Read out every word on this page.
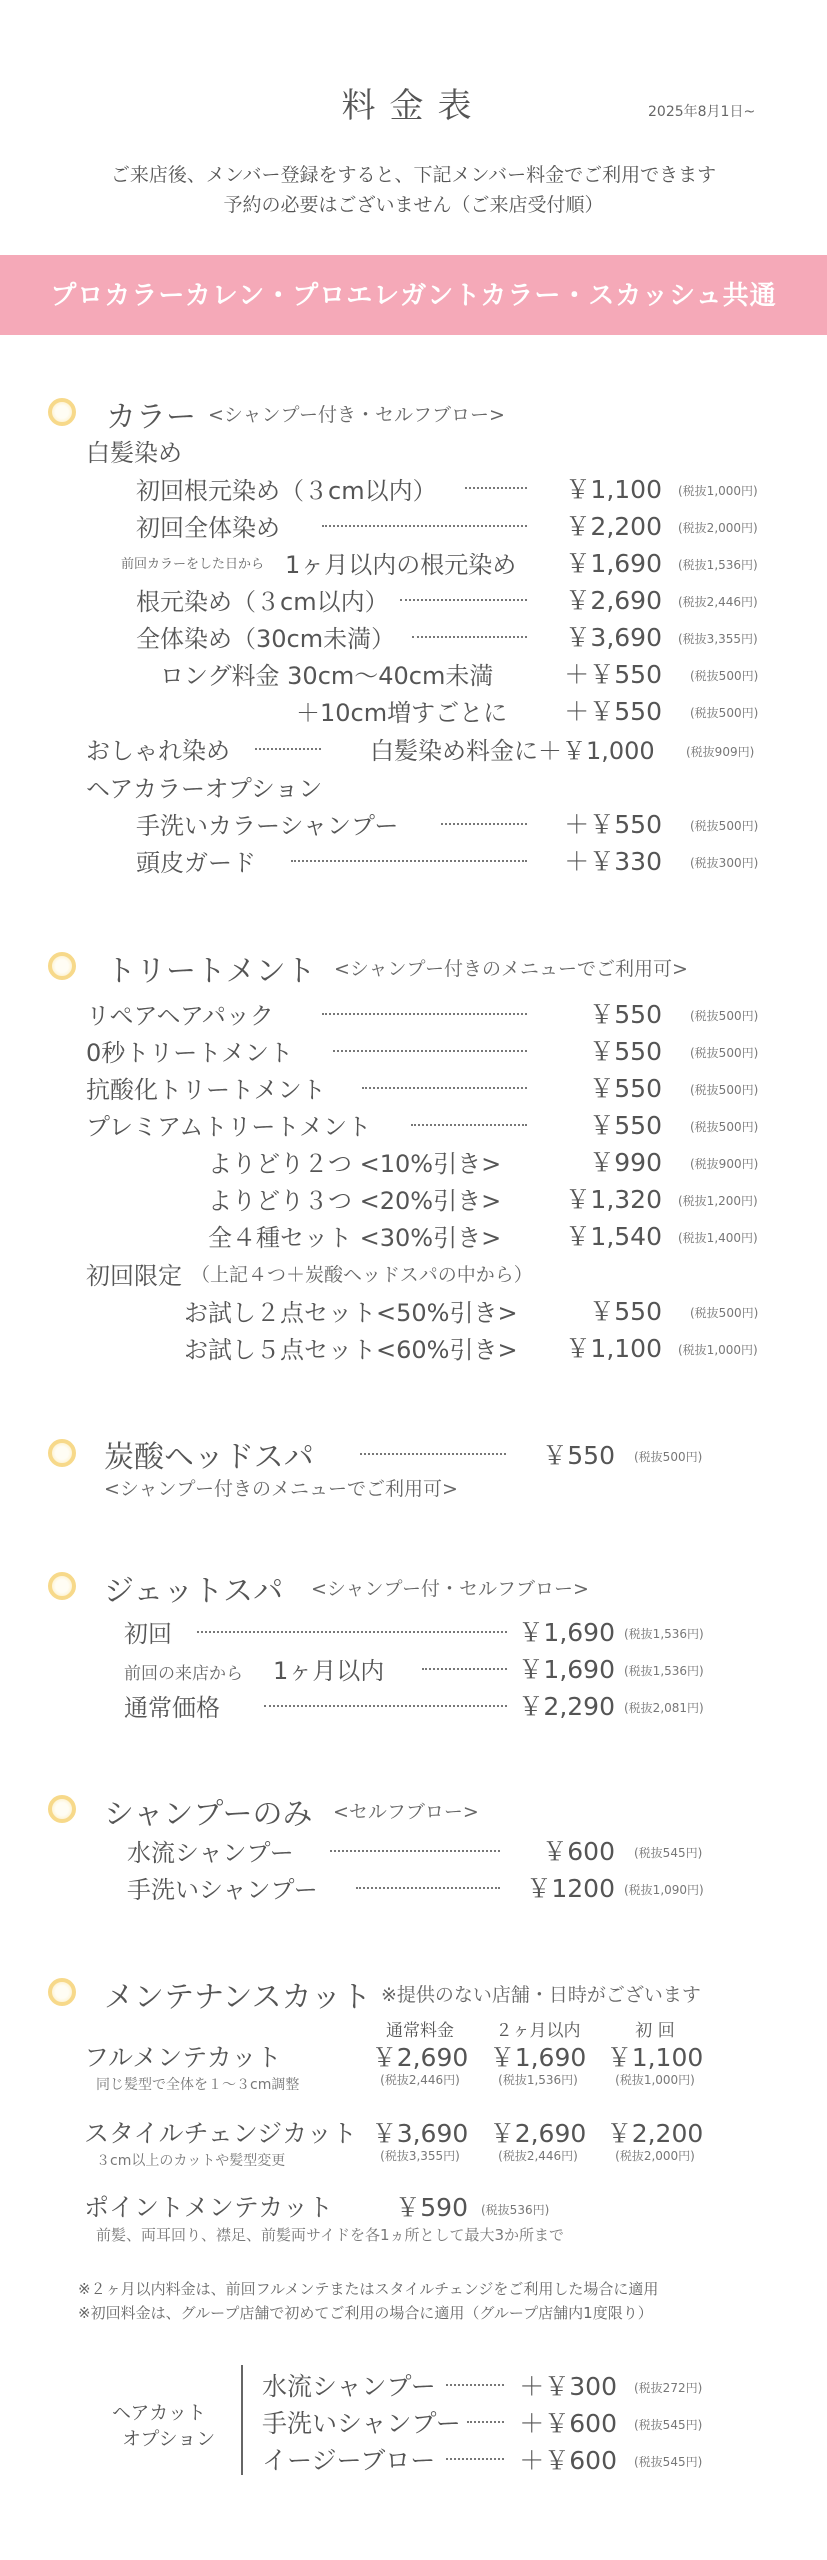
料金表	2025年8月1日~
ご来店後、メンバー登録をすると、下記メンバー料金でご利用できます
予約の必要はございません（ご来店受付順）
プロカラーカレン・プロエレガントカラー・スカッシュ共通
カラー <シャンプー付き・セルフブロー>
白髪染め
初回根元染め（３cm以内）	￥1,100 (税抜1,000円)
初回全体染め	￥2,200 (税抜2,000円)
前回カラーをした日から 1ヶ月以内の根元染め	￥1,690 (税抜1,536円)
根元染め（３cm以内）	￥2,690 (税抜2,446円)
全体染め（30cm未満）	￥3,690 (税抜3,355円)
ロング料金 30cm～40cm未満	＋￥550 (税抜500円)
＋10cm増すごとに	＋￥550 (税抜500円)
おしゃれ染め	白髪染め料金に＋￥1,000	(税抜909円)
ヘアカラーオプション
手洗いカラーシャンプー	＋￥550 (税抜500円)
頭皮ガード	＋￥330 (税抜300円)
トリートメント <シャンプー付きのメニューでご利用可>
リペアヘアパック	￥550 (税抜500円)
0秒トリートメント	￥550 (税抜500円)
抗酸化トリートメント	￥550 (税抜500円)
プレミアムトリートメント	￥550 (税抜500円)
よりどり２つ <10%引き>	￥990 (税抜900円)
よりどり３つ <20%引き>	￥1,320 (税抜1,200円)
全４種セット <30%引き>	￥1,540 (税抜1,400円)
初回限定 （上記４つ＋炭酸ヘッドスパの中から）
お試し２点セット<50%引き>	￥550 (税抜500円)
お試し５点セット<60%引き>	￥1,100 (税抜1,000円)
炭酸ヘッドスパ	￥550 (税抜500円)
<シャンプー付きのメニューでご利用可>
ジェットスパ <シャンプー付・セルフブロー>
初回	￥1,690 (税抜1,536円)
前回の来店から 1ヶ月以内	￥1,690 (税抜1,536円)
通常価格	￥2,290 (税抜2,081円)
シャンプーのみ <セルフブロー>
水流シャンプー	￥600 (税抜545円)
手洗いシャンプー	￥1200 (税抜1,090円)
メンテナンスカット ※提供のない店舗・日時がございます
通常料金	２ヶ月以内	初 回
フルメンテカット
同じ髪型で全体を１～３cm調整
￥2,690 ￥1,690 ￥1,100
(税抜2,446円)	(税抜1,536円)	(税抜1,000円)
スタイルチェンジカット
３cm以上のカットや髪型変更
￥3,690 ￥2,690 ￥2,200
(税抜3,355円)	(税抜2,446円)	(税抜2,000円)
ポイントメンテカット	￥590 (税抜536円)
前髪、両耳回り、襟足、前髪両サイドを各1ヵ所として最大3か所まで
※２ヶ月以内料金は、前回フルメンテまたはスタイルチェンジをご利用した場合に適用
※初回料金は、グループ店舗で初めてご利用の場合に適用（グループ店舗内1度限り）
ヘアカット
オプション
水流シャンプー	＋￥300 (税抜272円)
手洗いシャンプー	＋￥600 (税抜545円)
イージーブロー	＋￥600 (税抜545円)
